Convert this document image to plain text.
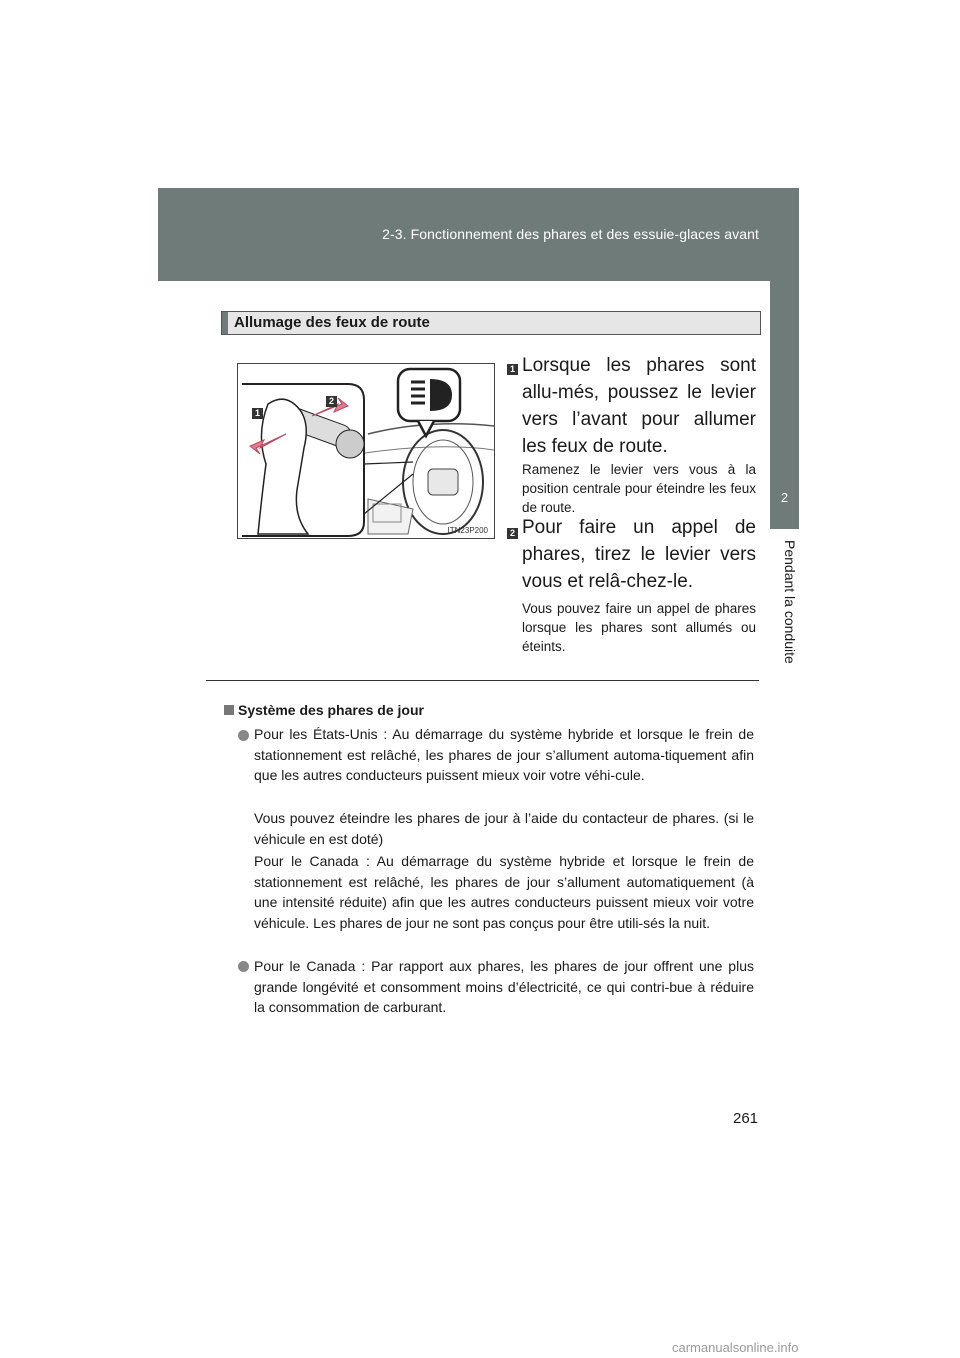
2-3. Fonctionnement des phares et des essuie-glaces avant
2
Pendant la conduite
Allumage des feux de route
1
2
ITN23P200
1 Lorsque les phares sont allu-més, poussez le levier vers l’avant pour allumer les feux de route.
Ramenez le levier vers vous à la position centrale pour éteindre les feux de route.
2 Pour faire un appel de phares, tirez le levier vers vous et relâ-chez-le.
Vous pouvez faire un appel de phares lorsque les phares sont allumés ou éteints.
Système des phares de jour
Pour les États-Unis : Au démarrage du système hybride et lorsque le frein de stationnement est relâché, les phares de jour s’allument automa-tiquement afin que les autres conducteurs puissent mieux voir votre véhi-cule.
Vous pouvez éteindre les phares de jour à l’aide du contacteur de phares. (si le véhicule en est doté)
Pour le Canada : Au démarrage du système hybride et lorsque le frein de stationnement est relâché, les phares de jour s’allument automatiquement (à une intensité réduite) afin que les autres conducteurs puissent mieux voir votre véhicule. Les phares de jour ne sont pas conçus pour être utili-sés la nuit.
Pour le Canada : Par rapport aux phares, les phares de jour offrent une plus grande longévité et consomment moins d’électricité, ce qui contri-bue à réduire la consommation de carburant.
261
carmanualsonline.info
